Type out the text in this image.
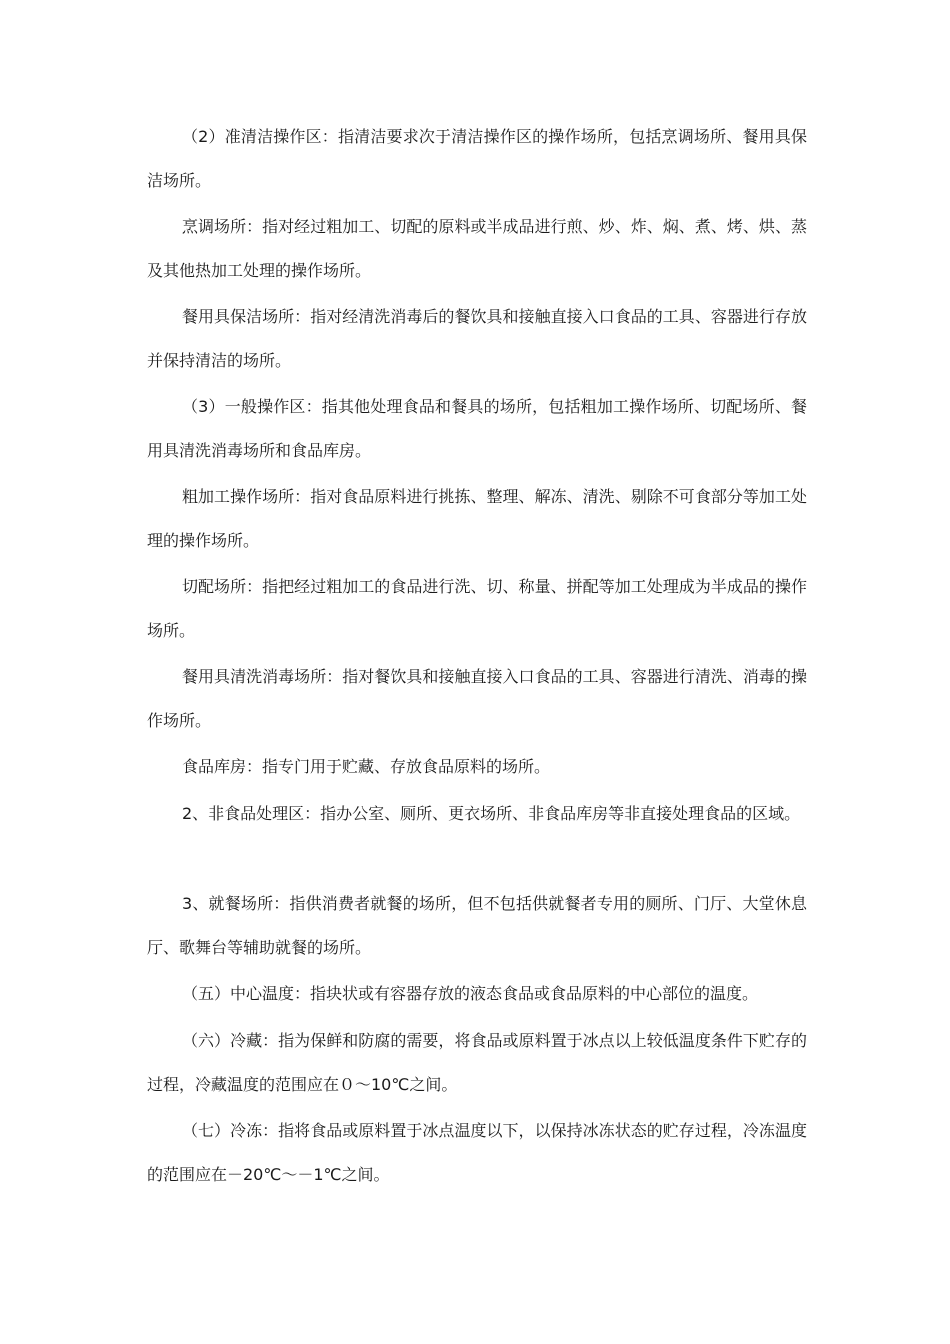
（2）准清洁操作区：指清洁要求次于清洁操作区的操作场所，包括烹调场所、餐用具保洁场所。

烹调场所：指对经过粗加工、切配的原料或半成品进行煎、炒、炸、焖、煮、烤、烘、蒸及其他热加工处理的操作场所。

餐用具保洁场所：指对经清洗消毒后的餐饮具和接触直接入口食品的工具、容器进行存放并保持清洁的场所。

（3）一般操作区：指其他处理食品和餐具的场所，包括粗加工操作场所、切配场所、餐用具清洗消毒场所和食品库房。

粗加工操作场所：指对食品原料进行挑拣、整理、解冻、清洗、剔除不可食部分等加工处理的操作场所。

切配场所：指把经过粗加工的食品进行洗、切、称量、拼配等加工处理成为半成品的操作场所。

餐用具清洗消毒场所：指对餐饮具和接触直接入口食品的工具、容器进行清洗、消毒的操作场所。

食品库房：指专门用于贮藏、存放食品原料的场所。

2、非食品处理区：指办公室、厕所、更衣场所、非食品库房等非直接处理食品的区域。

3、就餐场所：指供消费者就餐的场所，但不包括供就餐者专用的厕所、门厅、大堂休息厅、歌舞台等辅助就餐的场所。

（五）中心温度：指块状或有容器存放的液态食品或食品原料的中心部位的温度。

（六）冷藏：指为保鲜和防腐的需要，将食品或原料置于冰点以上较低温度条件下贮存的过程，冷藏温度的范围应在０～10℃之间。

（七）冷冻：指将食品或原料置于冰点温度以下，以保持冰冻状态的贮存过程，冷冻温度的范围应在－20℃～－1℃之间。
